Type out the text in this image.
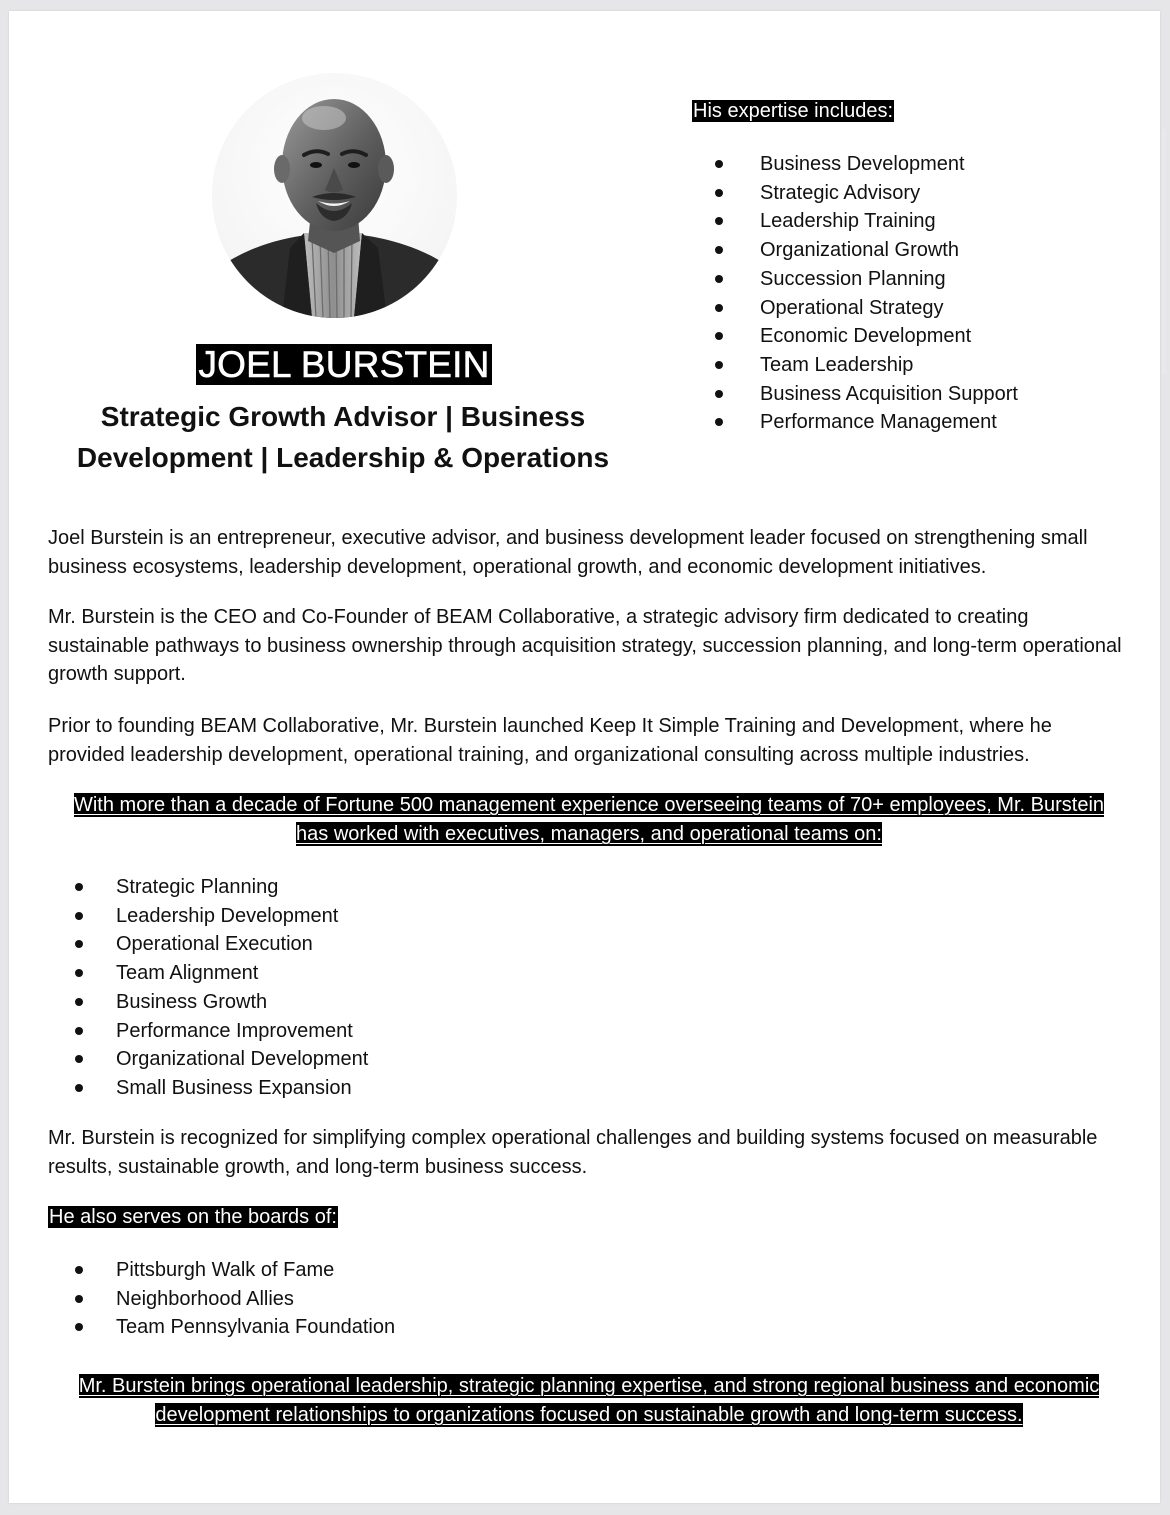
JOEL BURSTEIN
Strategic Growth Advisor | Business Development | Leadership & Operations
His expertise includes:
Business Development
Strategic Advisory
Leadership Training
Organizational Growth
Succession Planning
Operational Strategy
Economic Development
Team Leadership
Business Acquisition Support
Performance Management
Joel Burstein is an entrepreneur, executive advisor, and business development leader focused on strengthening small business ecosystems, leadership development, operational growth, and economic development initiatives.
Mr. Burstein is the CEO and Co-Founder of BEAM Collaborative, a strategic advisory firm dedicated to creating sustainable pathways to business ownership through acquisition strategy, succession planning, and long-term operational growth support.
Prior to founding BEAM Collaborative, Mr. Burstein launched Keep It Simple Training and Development, where he provided leadership development, operational training, and organizational consulting across multiple industries.
With more than a decade of Fortune 500 management experience overseeing teams of 70+ employees, Mr. Burstein
has worked with executives, managers, and operational teams on:
Strategic Planning
Leadership Development
Operational Execution
Team Alignment
Business Growth
Performance Improvement
Organizational Development
Small Business Expansion
Mr. Burstein is recognized for simplifying complex operational challenges and building systems focused on measurable results, sustainable growth, and long-term business success.
He also serves on the boards of:
Pittsburgh Walk of Fame
Neighborhood Allies
Team Pennsylvania Foundation
Mr. Burstein brings operational leadership, strategic planning expertise, and strong regional business and economic
development relationships to organizations focused on sustainable growth and long-term success.
